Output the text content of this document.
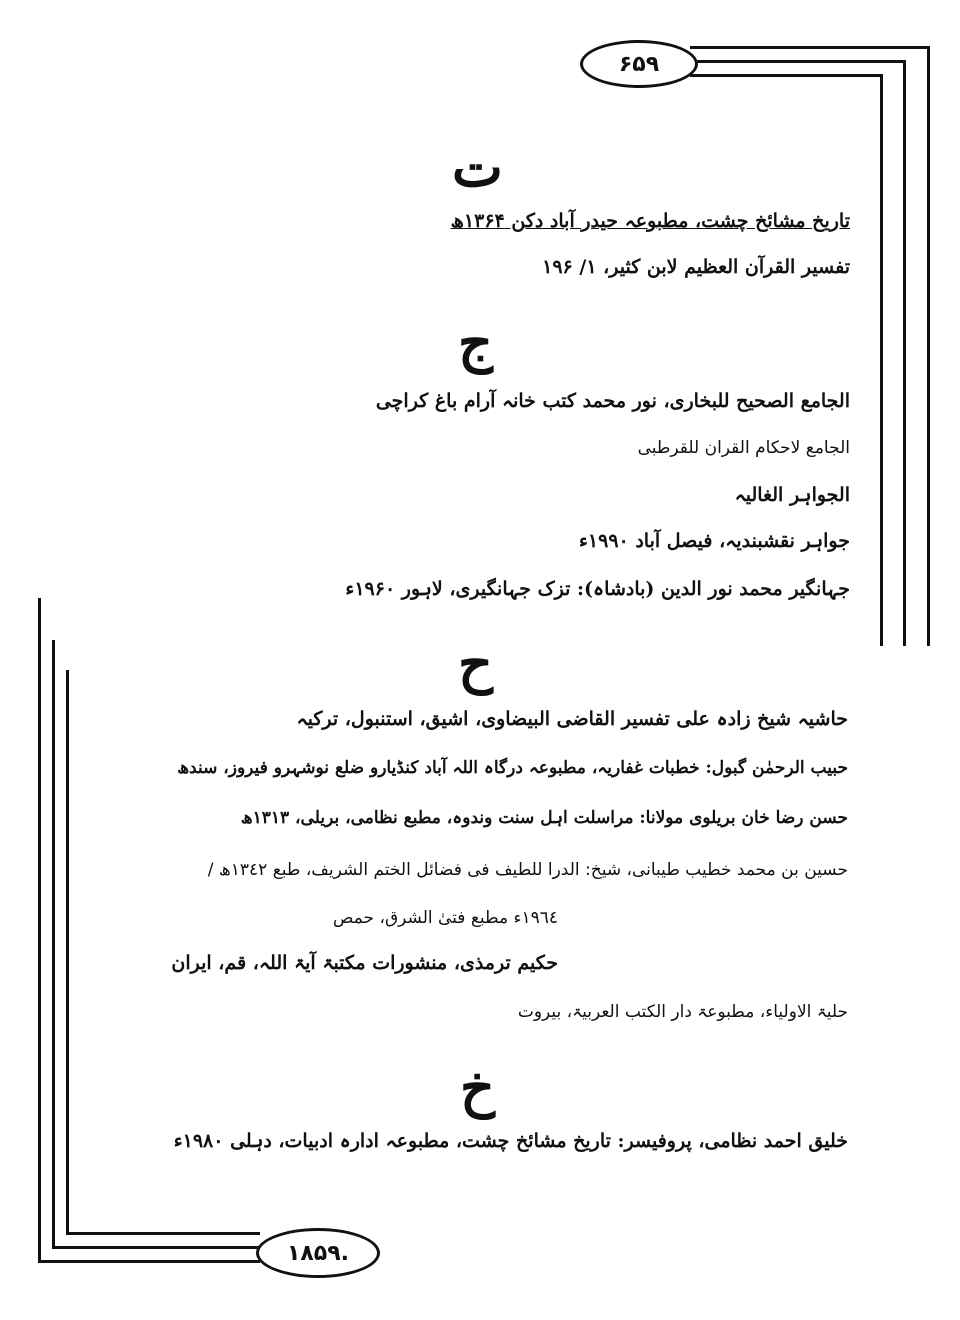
۶۵۹
۱۸۵۹.
ت
تاریخ مشائخ چشت، مطبوعہ حیدر آباد دکن ۱۳۶۴ھ
تفسیر القرآن العظیم لابن کثیر، ۱/ ۱۹۶
ج
الجامع الصحیح للبخاری، نور محمد کتب خانہ آرام باغ کراچی
الجامع لاحکام القران للقرطبی
الجواہر الغالیہ
جواہر نقشبندیہ، فیصل آباد ۱۹۹۰ء
جہانگیر محمد نور الدین (بادشاہ): تزک جہانگیری، لاہور ۱۹۶۰ء
ح
حاشیہ شیخ زادہ علی تفسیر القاضی البیضاوی، اشیق، استنبول، ترکیہ
حبیب الرحمٰن گبول: خطبات غفاریہ، مطبوعہ درگاہ اللہ آباد کنڈیارو ضلع نوشہرو فیروز، سندھ
حسن رضا خان بریلوی مولانا: مراسلت اہل سنت وندوہ، مطبع نظامی، بریلی، ۱۳۱۳ھ
حسین بن محمد خطیب طیبانی، شیخ: الدرا للطیف فی فضائل الختم الشریف، طبع ۱۳٤۲ھ /
۱۹٦٤ء مطبع فتیٰ الشرق، حمص
حکیم ترمذی، منشورات مکتبۃ آیۃ اللہ، قم، ایران
حلیۃ الاولیاء، مطبوعۃ دار الکتب العربیۃ، بیروت
خ
خلیق احمد نظامی، پروفیسر: تاریخ مشائخ چشت، مطبوعہ ادارہ ادبیات، دہلی ۱۹۸۰ء
